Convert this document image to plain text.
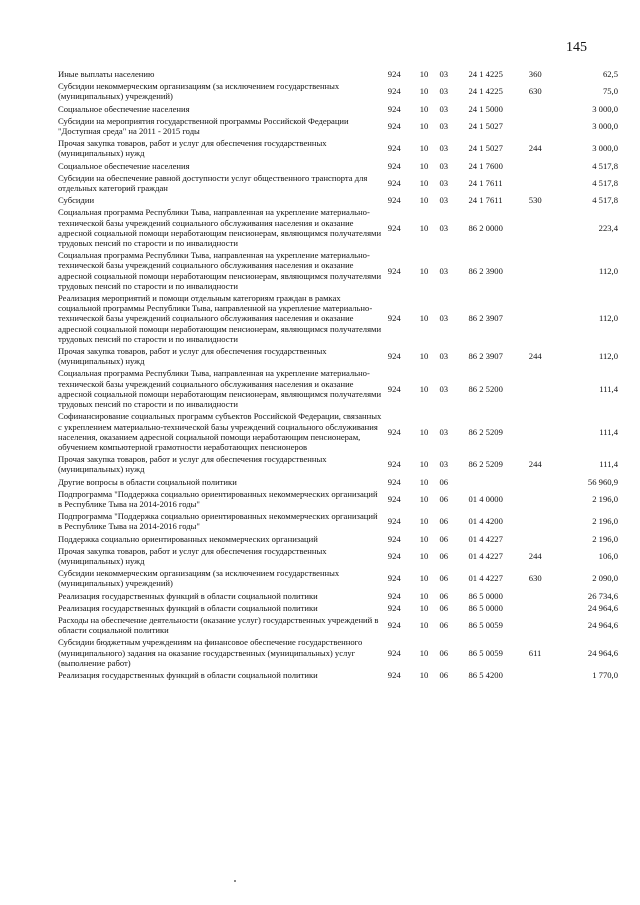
145
Иные выплаты населению	924	10	03	24 1 4225	360	62,5
Субсидии некоммерческим организациям (за исключением государственных (муниципальных) учреждений)	924	10	03	24 1 4225	630	75,0
Социальное обеспечение населения	924	10	03	24 1 5000		3 000,0
Субсидии на мероприятия государственной программы Российской Федерации "Доступная среда" на 2011 - 2015 годы	924	10	03	24 1 5027		3 000,0
Прочая закупка товаров, работ и услуг для обеспечения государственных (муниципальных) нужд	924	10	03	24 1 5027	244	3 000,0
Социальное обеспечение населения	924	10	03	24 1 7600		4 517,8
Субсидии на обеспечение равной доступности услуг общественного транспорта для отдельных категорий граждан	924	10	03	24 1 7611		4 517,8
Субсидии	924	10	03	24 1 7611	530	4 517,8
Социальная программа Республики Тыва, направленная на укрепление материально-технической базы учреждений социального обслуживания населения и оказание адресной социальной помощи неработающим пенсионерам, являющимся получателями трудовых пенсий по старости и по инвалидности	924	10	03	86 2 0000		223,4
Социальная программа Республики Тыва, направленная на укрепление материально-технической базы учреждений социального обслуживания населения и оказание адресной социальной помощи неработающим пенсионерам, являющимся получателями трудовых пенсий по старости и по инвалидности	924	10	03	86 2 3900		112,0
Реализация мероприятий и помощи отдельным категориям граждан в рамках социальной программы Республики Тыва, направленной на укрепление материально-технической базы учреждений социального обслуживания населения и оказание адресной социальной помощи неработающим пенсионерам, являющимся получателями трудовых пенсий по старости и по инвалидности	924	10	03	86 2 3907		112,0
Прочая закупка товаров, работ и услуг для обеспечения государственных (муниципальных) нужд	924	10	03	86 2 3907	244	112,0
Социальная программа Республики Тыва, направленная на укрепление материально-технической базы учреждений социального обслуживания населения и оказание адресной социальной помощи неработающим пенсионерам, являющимся получателями трудовых пенсий по старости и по инвалидности	924	10	03	86 2 5200		111,4
Софинансирование социальных программ субъектов Российской Федерации, связанных с укреплением материально-технической базы учреждений социального обслуживания населения, оказанием адресной социальной помощи неработающим пенсионерам, обучением компьютерной грамотности неработающих пенсионеров	924	10	03	86 2 5209		111,4
Прочая закупка товаров, работ и услуг для обеспечения государственных (муниципальных) нужд	924	10	03	86 2 5209	244	111,4
Другие вопросы в области социальной политики	924	10	06			56 960,9
Подпрограмма "Поддержка социально ориентированных некоммерческих организаций в Республике Тыва на 2014-2016 годы"	924	10	06	01 4 0000		2 196,0
Подпрограмма "Поддержка социально ориентированных некоммерческих организаций в Республике Тыва на 2014-2016 годы"	924	10	06	01 4 4200		2 196,0
Поддержка социально ориентированных некоммерческих организаций	924	10	06	01 4 4227		2 196,0
Прочая закупка товаров, работ и услуг для обеспечения государственных (муниципальных) нужд	924	10	06	01 4 4227	244	106,0
Субсидии некоммерческим организациям (за исключением государственных (муниципальных) учреждений)	924	10	06	01 4 4227	630	2 090,0
Реализация государственных функций в области социальной политики	924	10	06	86 5 0000		26 734,6
Реализация государственных функций в области социальной политики	924	10	06	86 5 0000		24 964,6
Расходы на обеспечение деятельности (оказание услуг) государственных учреждений в области социальной политики	924	10	06	86 5 0059		24 964,6
Субсидии бюджетным учреждениям на финансовое обеспечение государственного (муниципального) задания на оказание государственных (муниципальных) услуг (выполнение работ)	924	10	06	86 5 0059	611	24 964,6
Реализация государственных функций в области социальной политики	924	10	06	86 5 4200		1 770,0
